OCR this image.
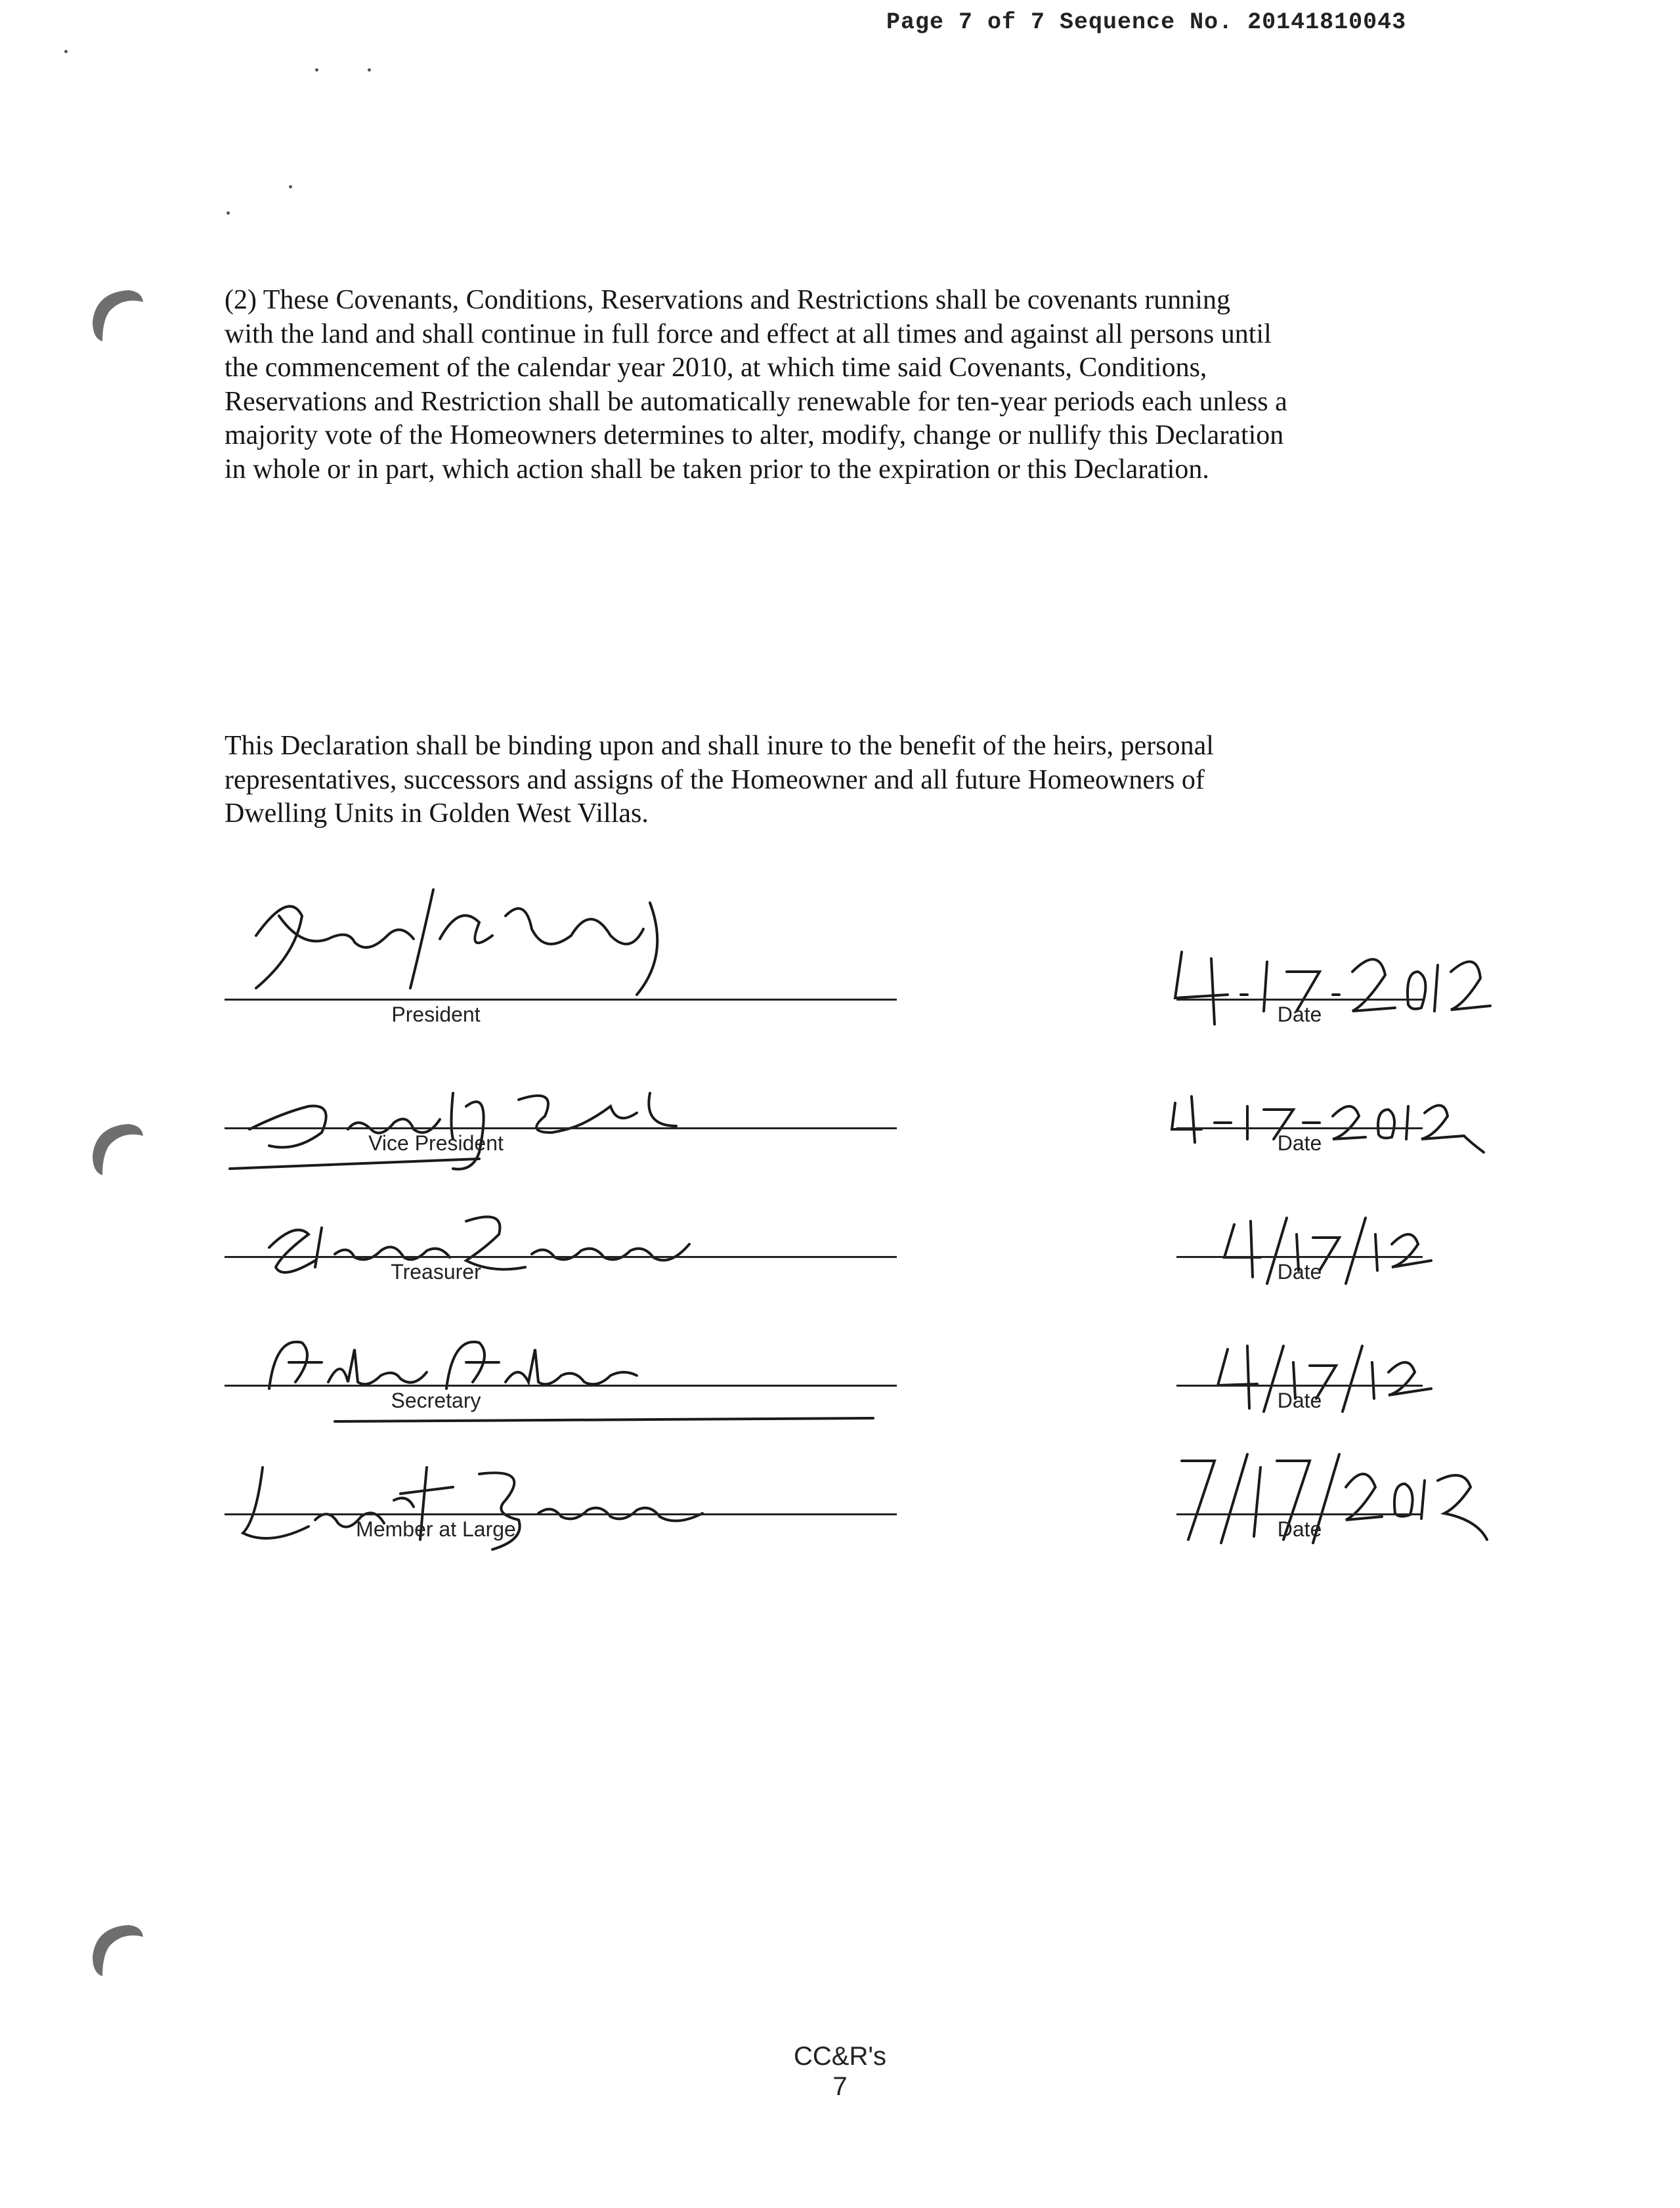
Page 7 of 7 Sequence No. 20141810043
(2) These Covenants, Conditions, Reservations and Restrictions shall be covenants running
with the land and shall continue in full force and effect at all times and against all persons until
the commencement of the calendar year 2010, at which time said Covenants, Conditions,
Reservations and Restriction shall be automatically renewable for ten-year periods each unless a
majority vote of the Homeowners determines to alter, modify, change or nullify this Declaration
in whole or in part, which action shall be taken prior to the expiration or this Declaration.
This Declaration shall be binding upon and shall inure to the benefit of the heirs, personal
representatives, successors and assigns of the Homeowner and all future Homeowners of
Dwelling Units in Golden West Villas.
President	Date
Vice President	Date
Treasurer	Date
Secretary	Date
Member at Large	Date
CC&R's
7
